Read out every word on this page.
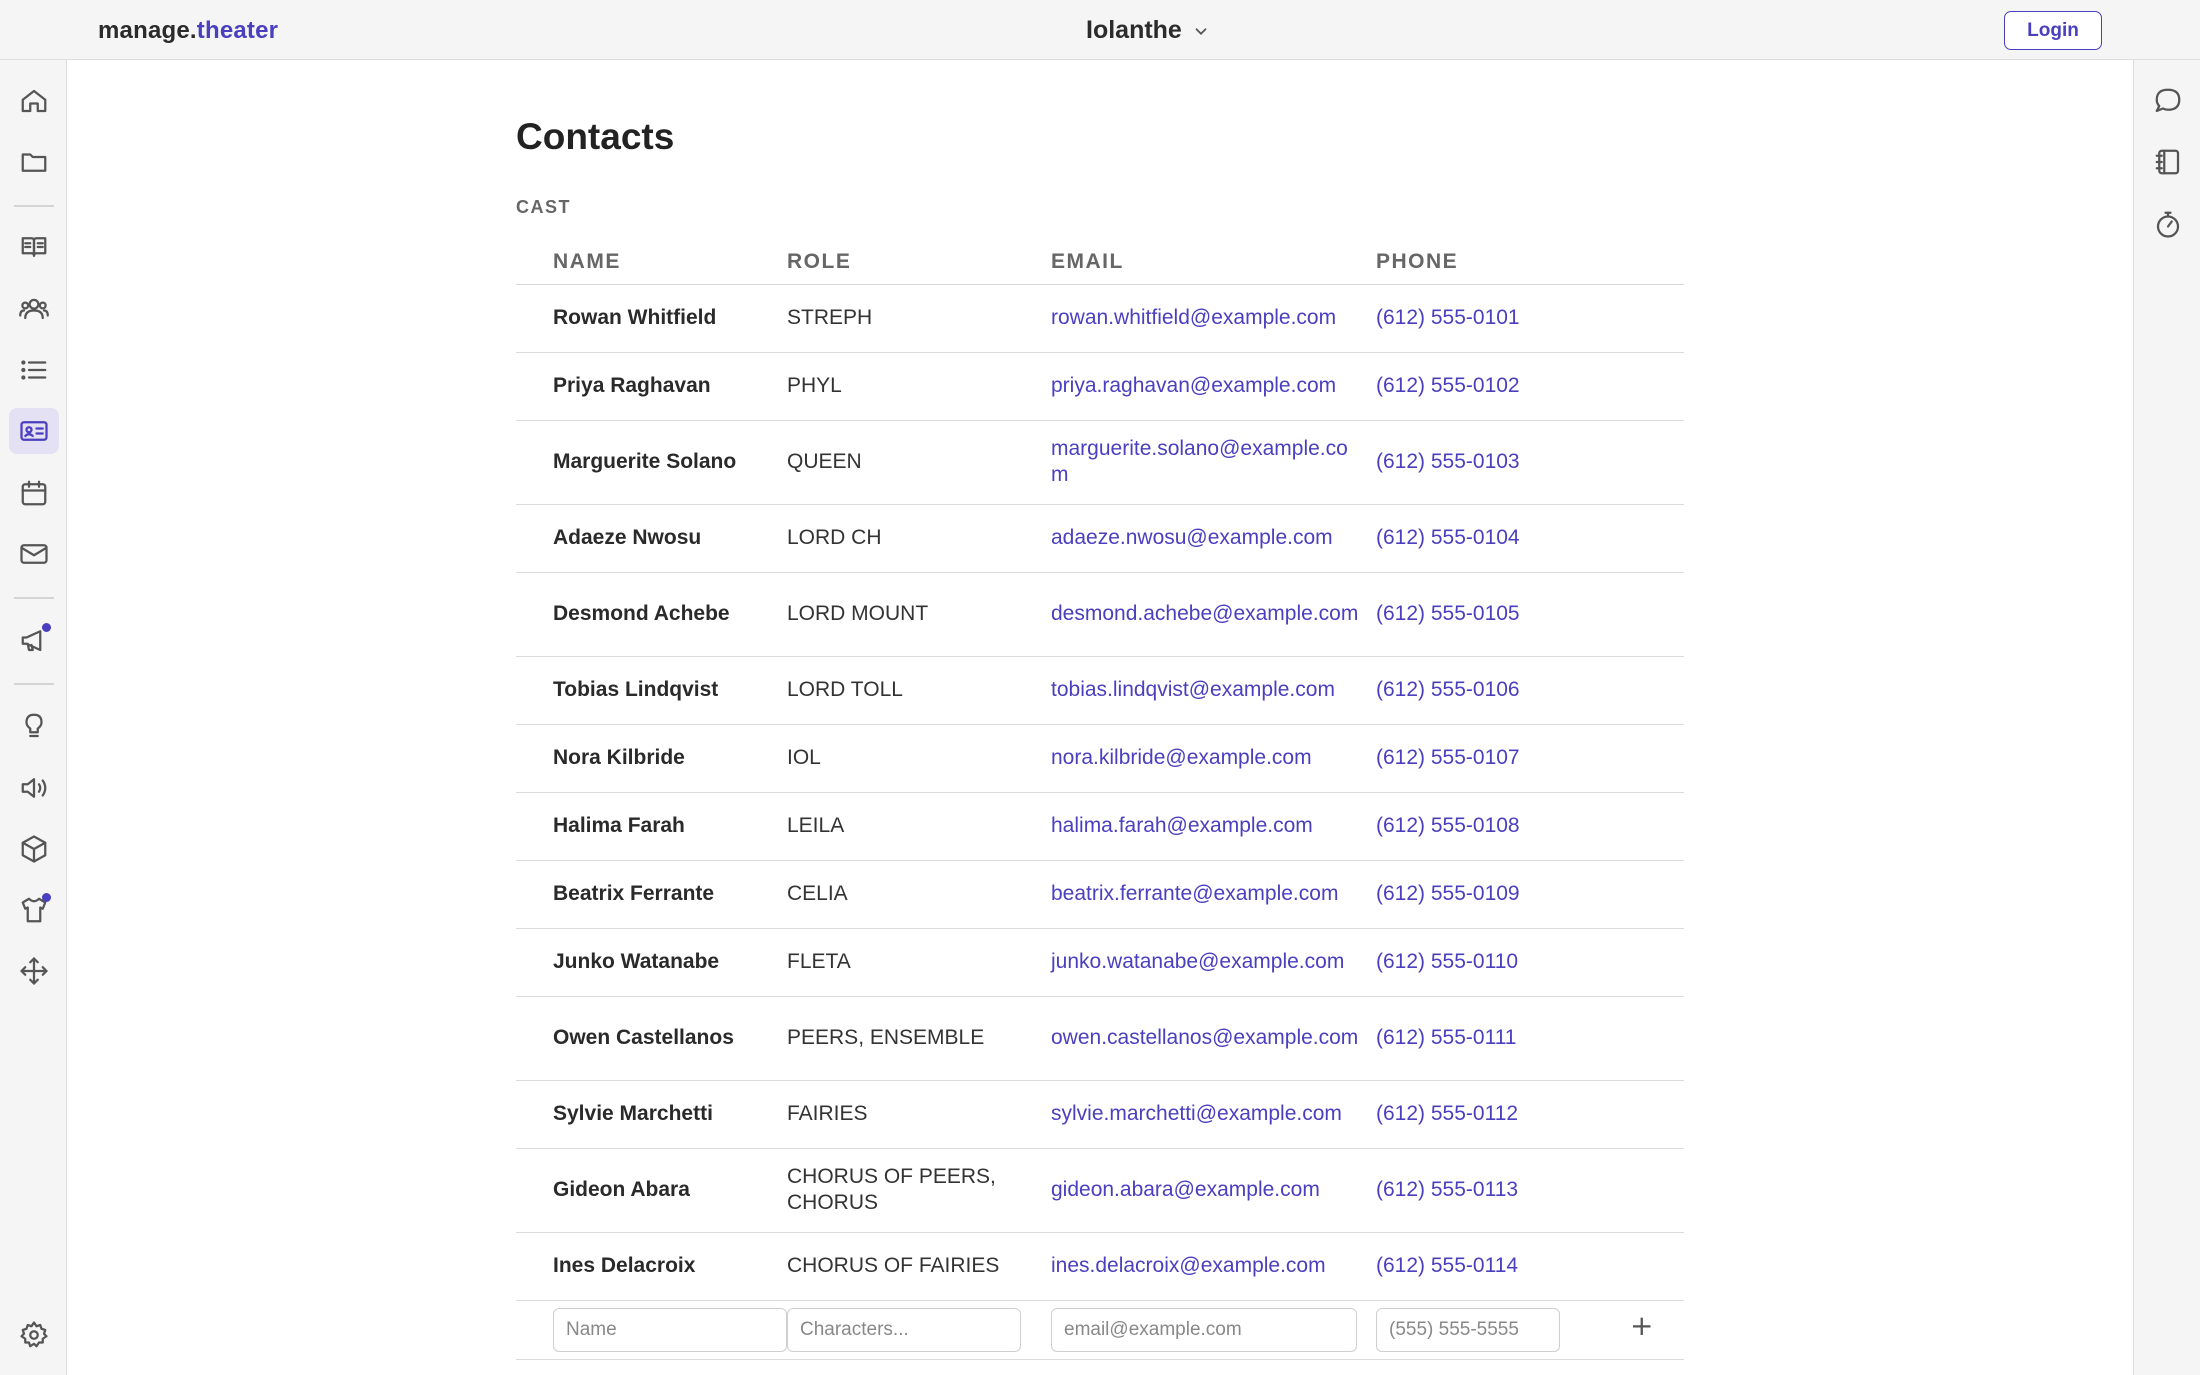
manage.theater	Iolanthe	Login
Contacts
CAST
NAME	ROLE	EMAIL	PHONE
Rowan Whitfield	STREPH	rowan.whitfield@example.com	(612) 555-0101
Priya Raghavan	PHYL	priya.raghavan@example.com	(612) 555-0102
Marguerite Solano	QUEEN	marguerite.solano@example.com	(612) 555-0103
Adaeze Nwosu	LORD CH	adaeze.nwosu@example.com	(612) 555-0104
Desmond Achebe	LORD MOUNT	desmond.achebe@example.com	(612) 555-0105
Tobias Lindqvist	LORD TOLL	tobias.lindqvist@example.com	(612) 555-0106
Nora Kilbride	IOL	nora.kilbride@example.com	(612) 555-0107
Halima Farah	LEILA	halima.farah@example.com	(612) 555-0108
Beatrix Ferrante	CELIA	beatrix.ferrante@example.com	(612) 555-0109
Junko Watanabe	FLETA	junko.watanabe@example.com	(612) 555-0110
Owen Castellanos	PEERS, ENSEMBLE	owen.castellanos@example.com	(612) 555-0111
Sylvie Marchetti	FAIRIES	sylvie.marchetti@example.com	(612) 555-0112
Gideon Abara	CHORUS OF PEERS, CHORUS	gideon.abara@example.com	(612) 555-0113
Ines Delacroix	CHORUS OF FAIRIES	ines.delacroix@example.com	(612) 555-0114
Name	Characters...	email@example.com	(555) 555-5555+
